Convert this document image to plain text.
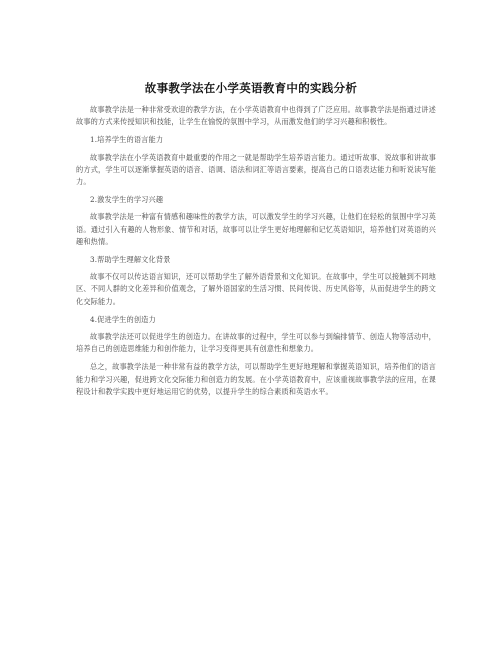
故事教学法在小学英语教育中的实践分析

故事教学法是一种非常受欢迎的教学方法，在小学英语教育中也得到了广泛应用。故事教学法是指通过讲述故事的方式来传授知识和技能，让学生在愉悦的氛围中学习，从而激发他们的学习兴趣和积极性。

1.培养学生的语言能力

故事教学法在小学英语教育中最重要的作用之一就是帮助学生培养语言能力。通过听故事、说故事和讲故事的方式，学生可以逐渐掌握英语的语音、语调、语法和词汇等语言要素，提高自己的口语表达能力和听说读写能力。

2.激发学生的学习兴趣

故事教学法是一种富有情感和趣味性的教学方法，可以激发学生的学习兴趣，让他们在轻松的氛围中学习英语。通过引入有趣的人物形象、情节和对话，故事可以让学生更好地理解和记忆英语知识，培养他们对英语的兴趣和热情。

3.帮助学生理解文化背景

故事不仅可以传达语言知识，还可以帮助学生了解外语背景和文化知识。在故事中，学生可以接触到不同地区、不同人群的文化差异和价值观念，了解外语国家的生活习惯、民间传说、历史风俗等，从而促进学生的跨文化交际能力。

4.促进学生的创造力

故事教学法还可以促进学生的创造力。在讲故事的过程中，学生可以参与到编排情节、创造人物等活动中，培养自己的创造思维能力和创作能力，让学习变得更具有创意性和想象力。

总之，故事教学法是一种非常有益的教学方法，可以帮助学生更好地理解和掌握英语知识，培养他们的语言能力和学习兴趣，促进跨文化交际能力和创造力的发展。在小学英语教育中，应该重视故事教学法的应用，在课程设计和教学实践中更好地运用它的优势，以提升学生的综合素质和英语水平。
